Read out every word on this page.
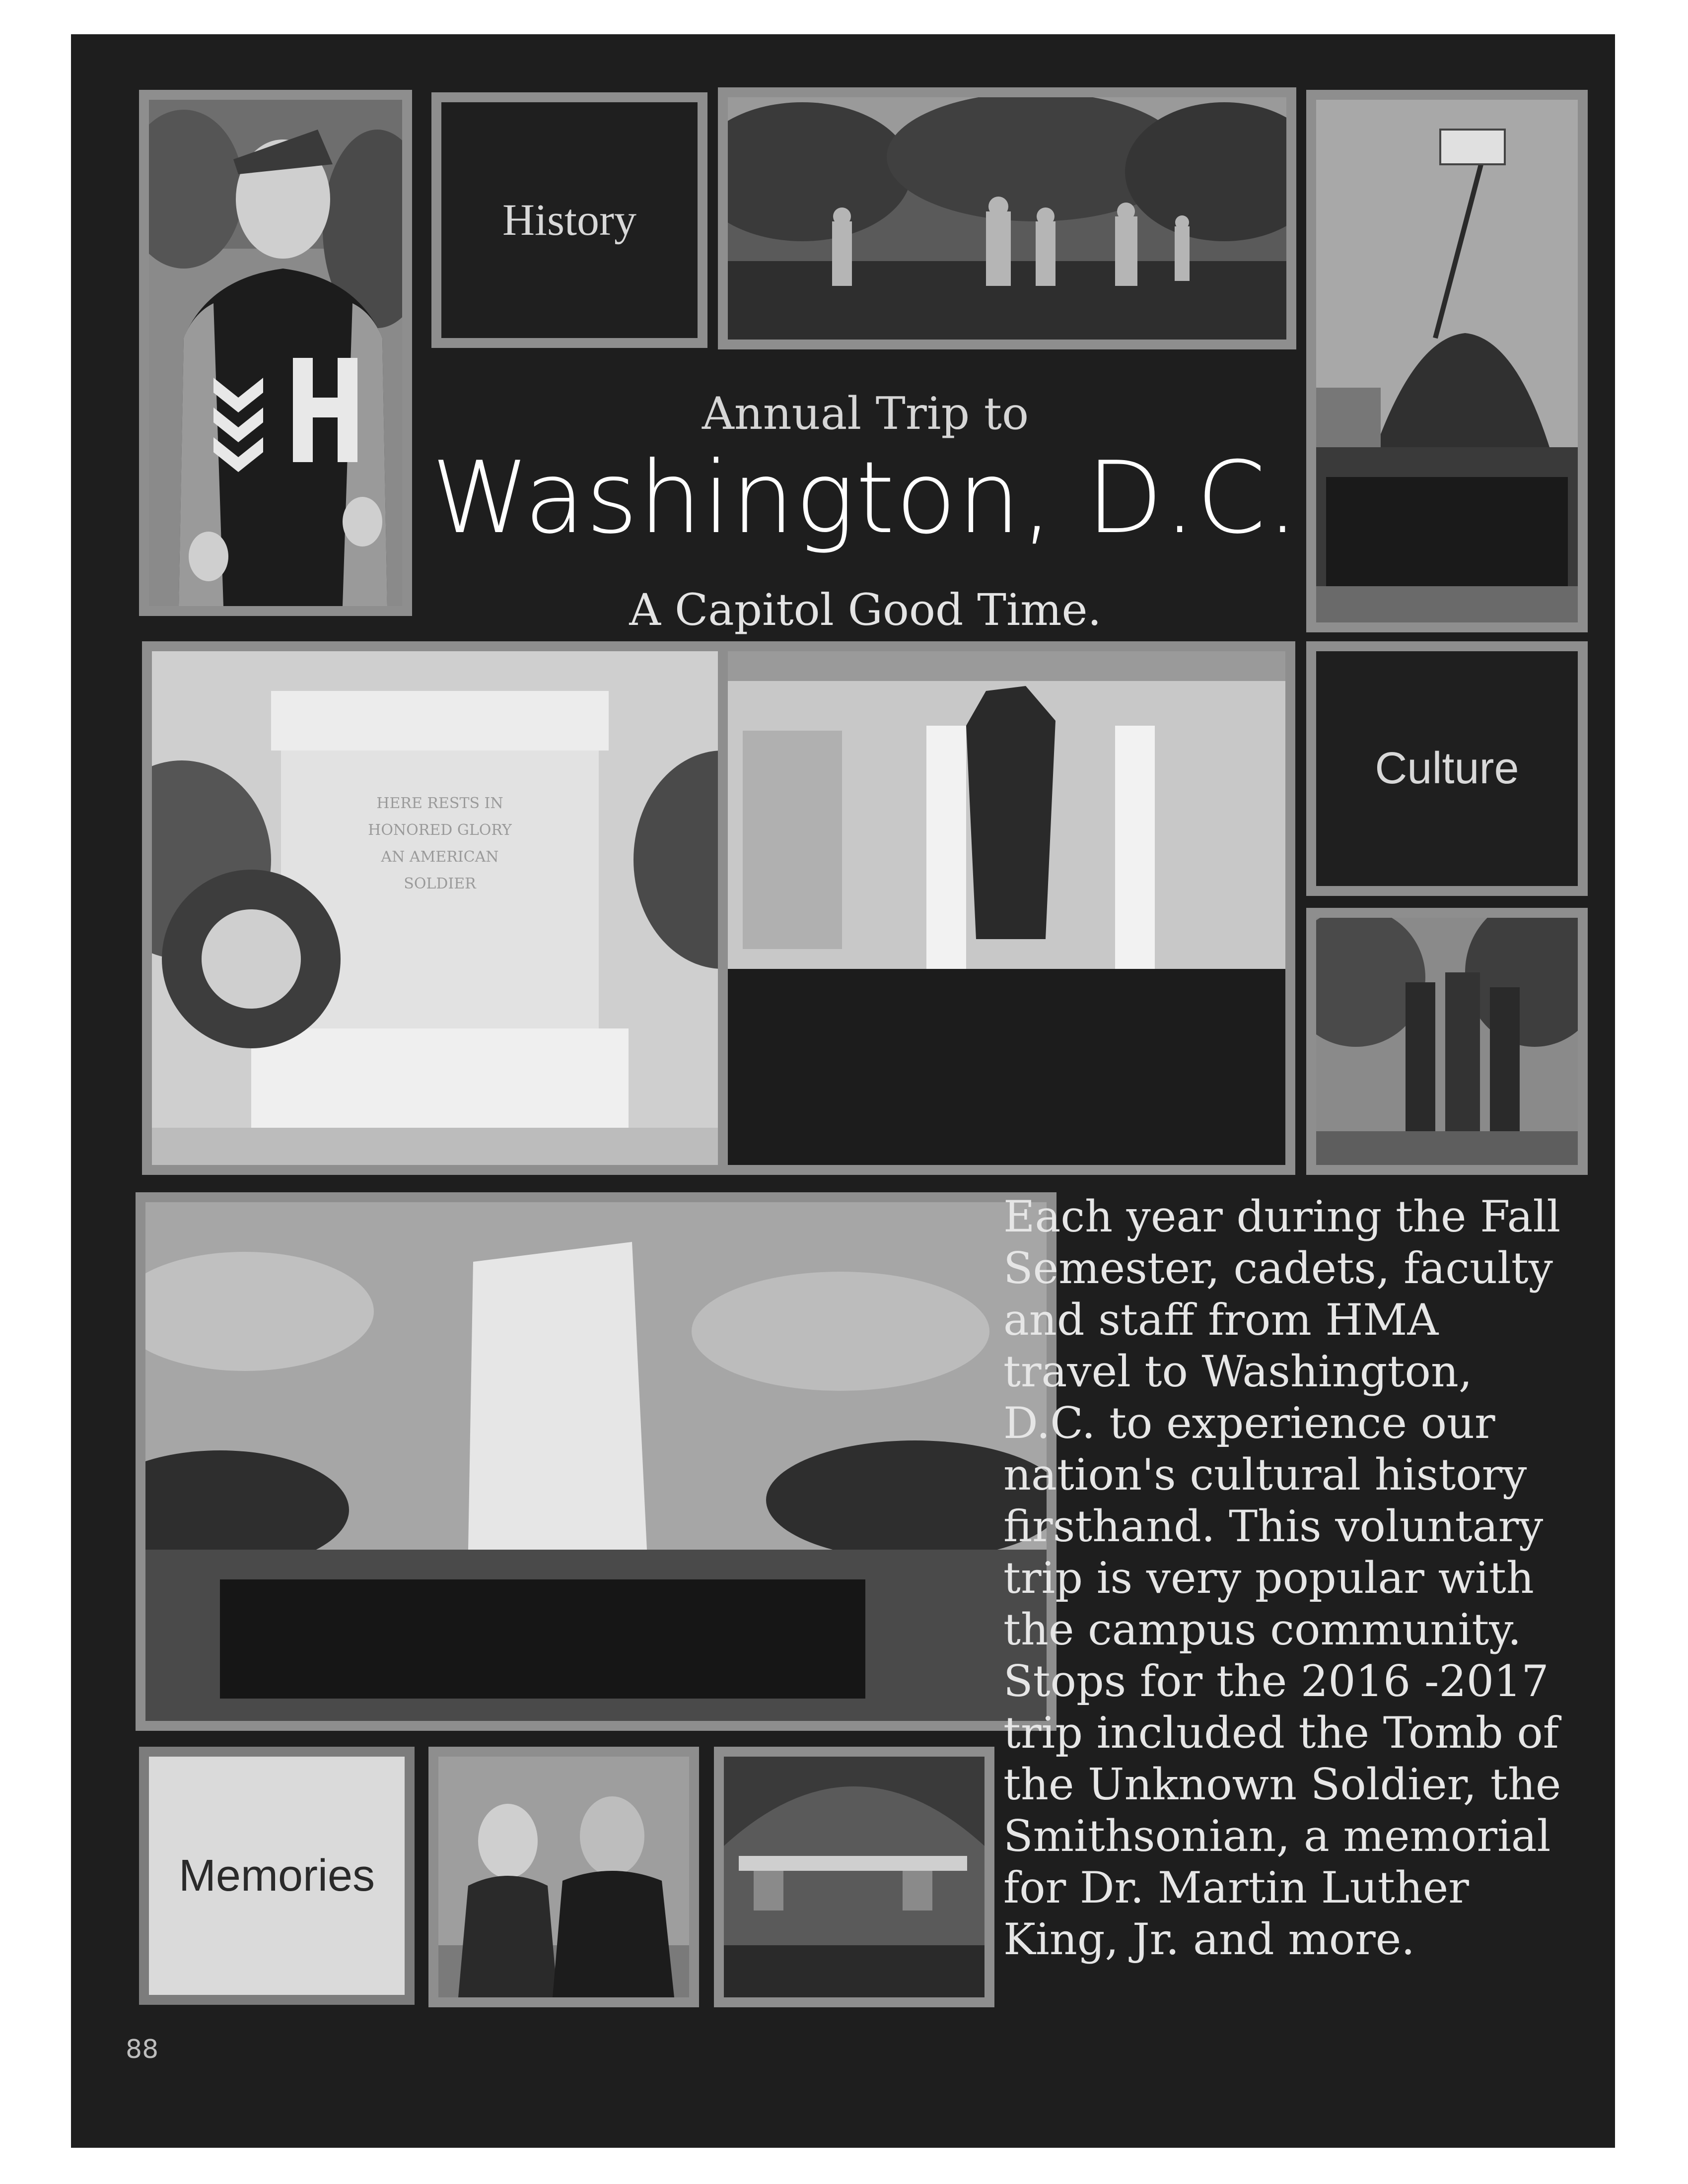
History
Annual Trip to
Washington, D.C.
A Capitol Good Time.
HERE RESTS IN
HONORED GLORY
AN AMERICAN
SOLDIER
Culture
Each year during the Fall
Semester, cadets, faculty
and staff from HMA
travel to Washington,
D.C. to experience our
nation's cultural history
firsthand. This voluntary
trip is very popular with
the campus community.
Stops for the 2016 -2017
trip included the Tomb of
the Unknown Soldier, the
Smithsonian, a memorial
for Dr. Martin Luther
King, Jr. and more.
Memories
88
